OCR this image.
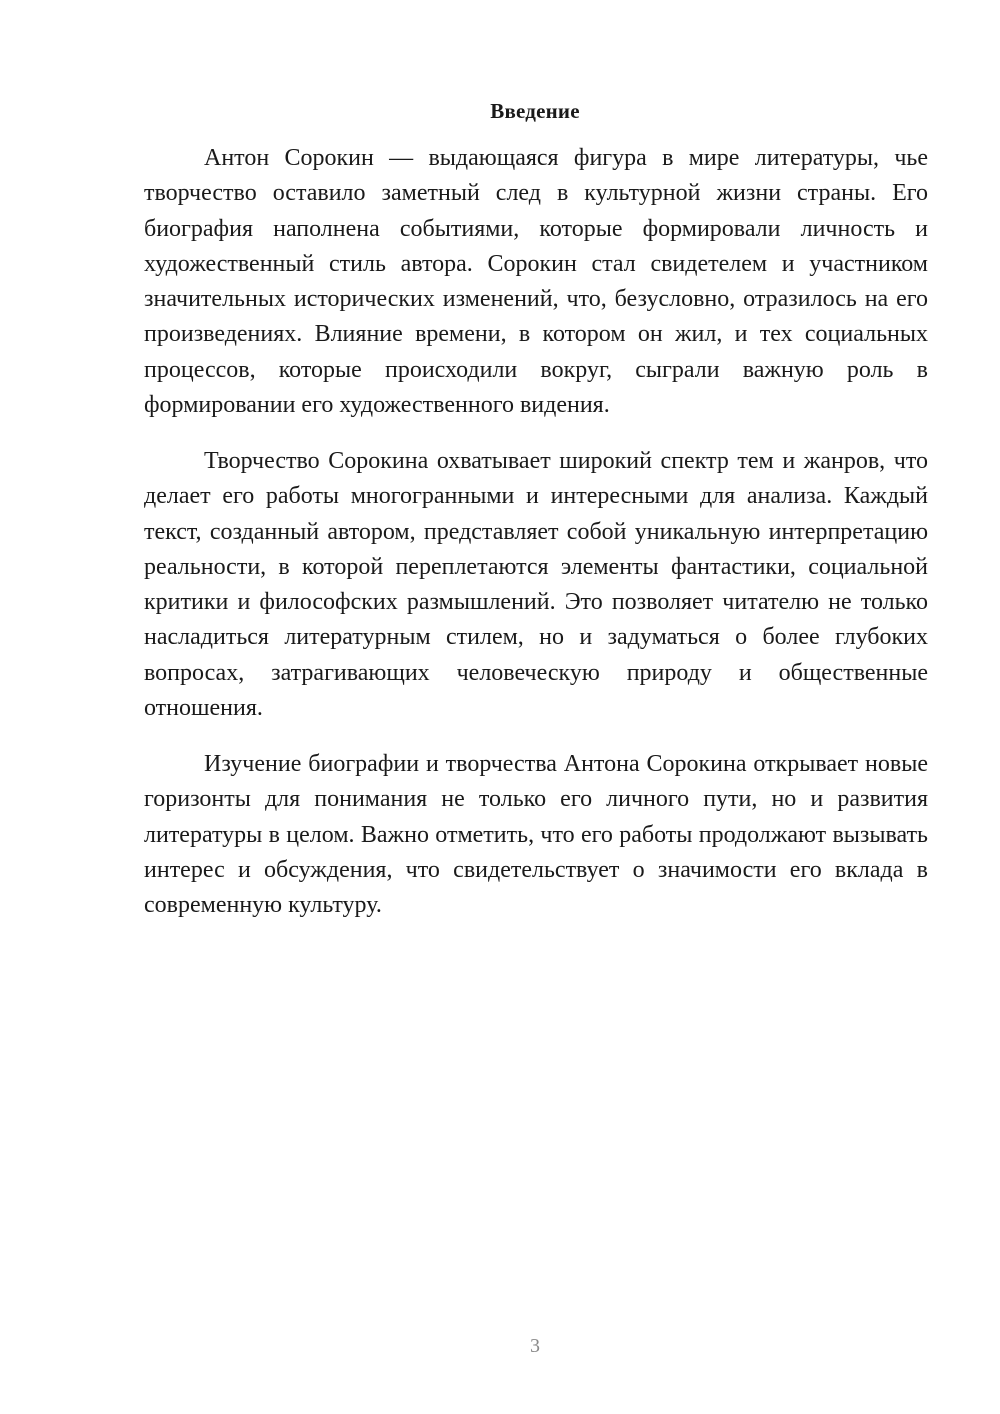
Введение

Антон Сорокин — выдающаяся фигура в мире литературы, чье творчество оставило заметный след в культурной жизни страны. Его биография наполнена событиями, которые формировали личность и художественный стиль автора. Сорокин стал свидетелем и участником значительных исторических изменений, что, безусловно, отразилось на его произведениях. Влияние времени, в котором он жил, и тех социальных процессов, которые происходили вокруг, сыграли важную роль в формировании его художественного видения.

Творчество Сорокина охватывает широкий спектр тем и жанров, что делает его работы многогранными и интересными для анализа. Каждый текст, созданный автором, представляет собой уникальную интерпретацию реальности, в которой переплетаются элементы фантастики, социальной критики и философских размышлений. Это позволяет читателю не только насладиться литературным стилем, но и задуматься о более глубоких вопросах, затрагивающих человеческую природу и общественные отношения.

Изучение биографии и творчества Антона Сорокина открывает новые горизонты для понимания не только его личного пути, но и развития литературы в целом. Важно отметить, что его работы продолжают вызывать интерес и обсуждения, что свидетельствует о значимости его вклада в современную культуру.

3
